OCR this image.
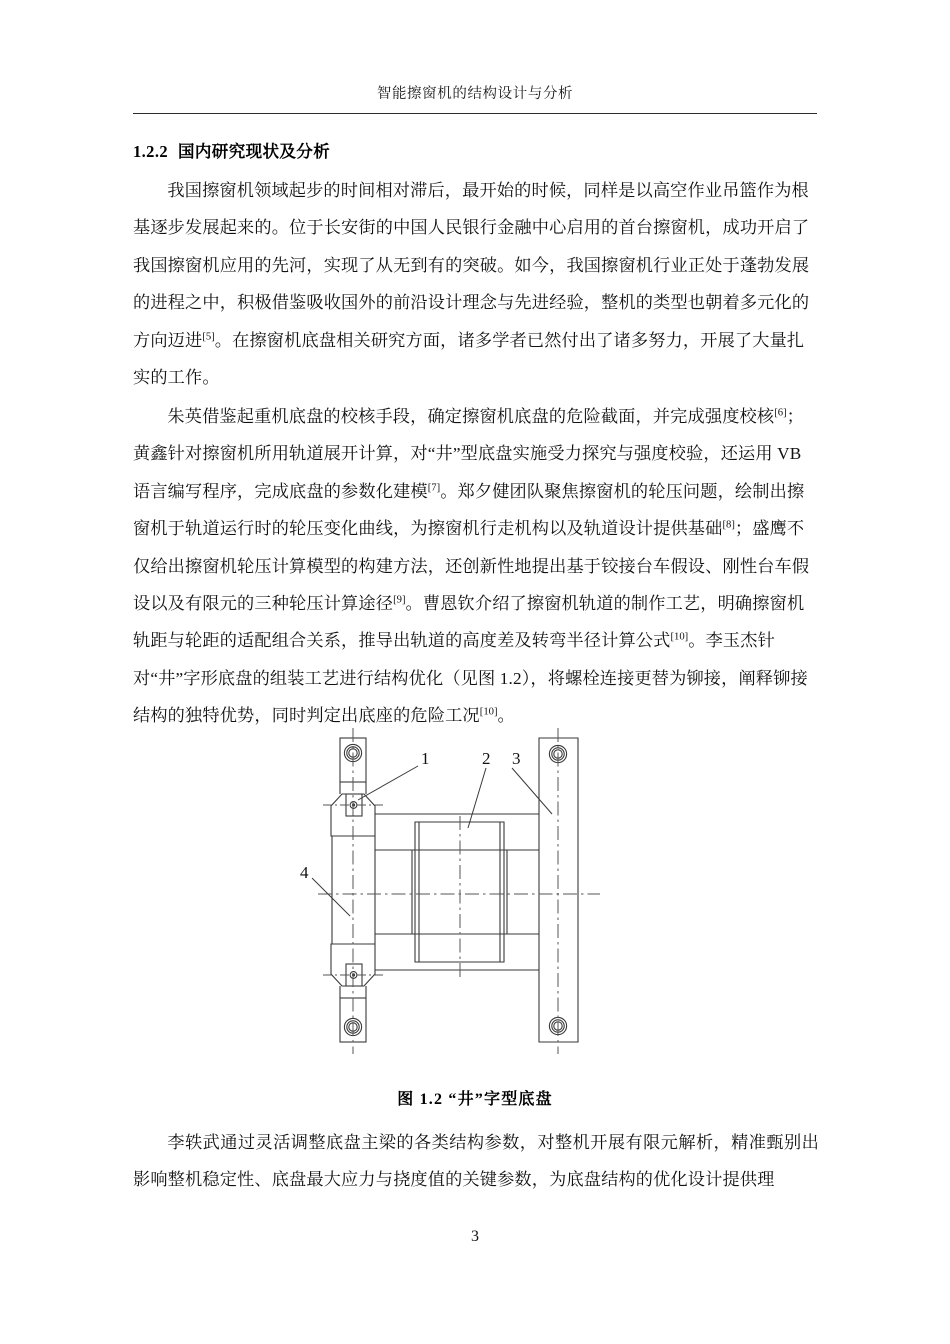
智能擦窗机的结构设计与分析
1.2.2 国内研究现状及分析

我国擦窗机领域起步的时间相对滞后，最开始的时候，同样是以高空作业吊篮作为根基逐步发展起来的。位于长安街的中国人民银行金融中心启用的首台擦窗机，成功开启了我国擦窗机应用的先河，实现了从无到有的突破。如今，我国擦窗机行业正处于蓬勃发展的进程之中，积极借鉴吸收国外的前沿设计理念与先进经验，整机的类型也朝着多元化的方向迈进[5]。在擦窗机底盘相关研究方面，诸多学者已然付出了诸多努力，开展了大量扎实的工作。

朱英借鉴起重机底盘的校核手段，确定擦窗机底盘的危险截面，并完成强度校核[6]；黄鑫针对擦窗机所用轨道展开计算，对“井”型底盘实施受力探究与强度校验，还运用 VB 语言编写程序，完成底盘的参数化建模[7]。郑夕健团队聚焦擦窗机的轮压问题，绘制出擦窗机于轨道运行时的轮压变化曲线，为擦窗机行走机构以及轨道设计提供基础[8]；盛鹰不仅给出擦窗机轮压计算模型的构建方法，还创新性地提出基于铰接台车假设、刚性台车假设以及有限元的三种轮压计算途径[9]。曹恩钦介绍了擦窗机轨道的制作工艺，明确擦窗机轨距与轮距的适配组合关系，推导出轨道的高度差及转弯半径计算公式[10]。李玉杰针对“井”字形底盘的组装工艺进行结构优化（见图 1.2），将螺栓连接更替为铆接，阐释铆接结构的独特优势，同时判定出底座的危险工况[10]。

1	2 3
4
图 1.2 “井”字型底盘

李轶武通过灵活调整底盘主梁的各类结构参数，对整机开展有限元解析，精准甄别出影响整机稳定性、底盘最大应力与挠度值的关键参数，为底盘结构的优化设计提供理

3
